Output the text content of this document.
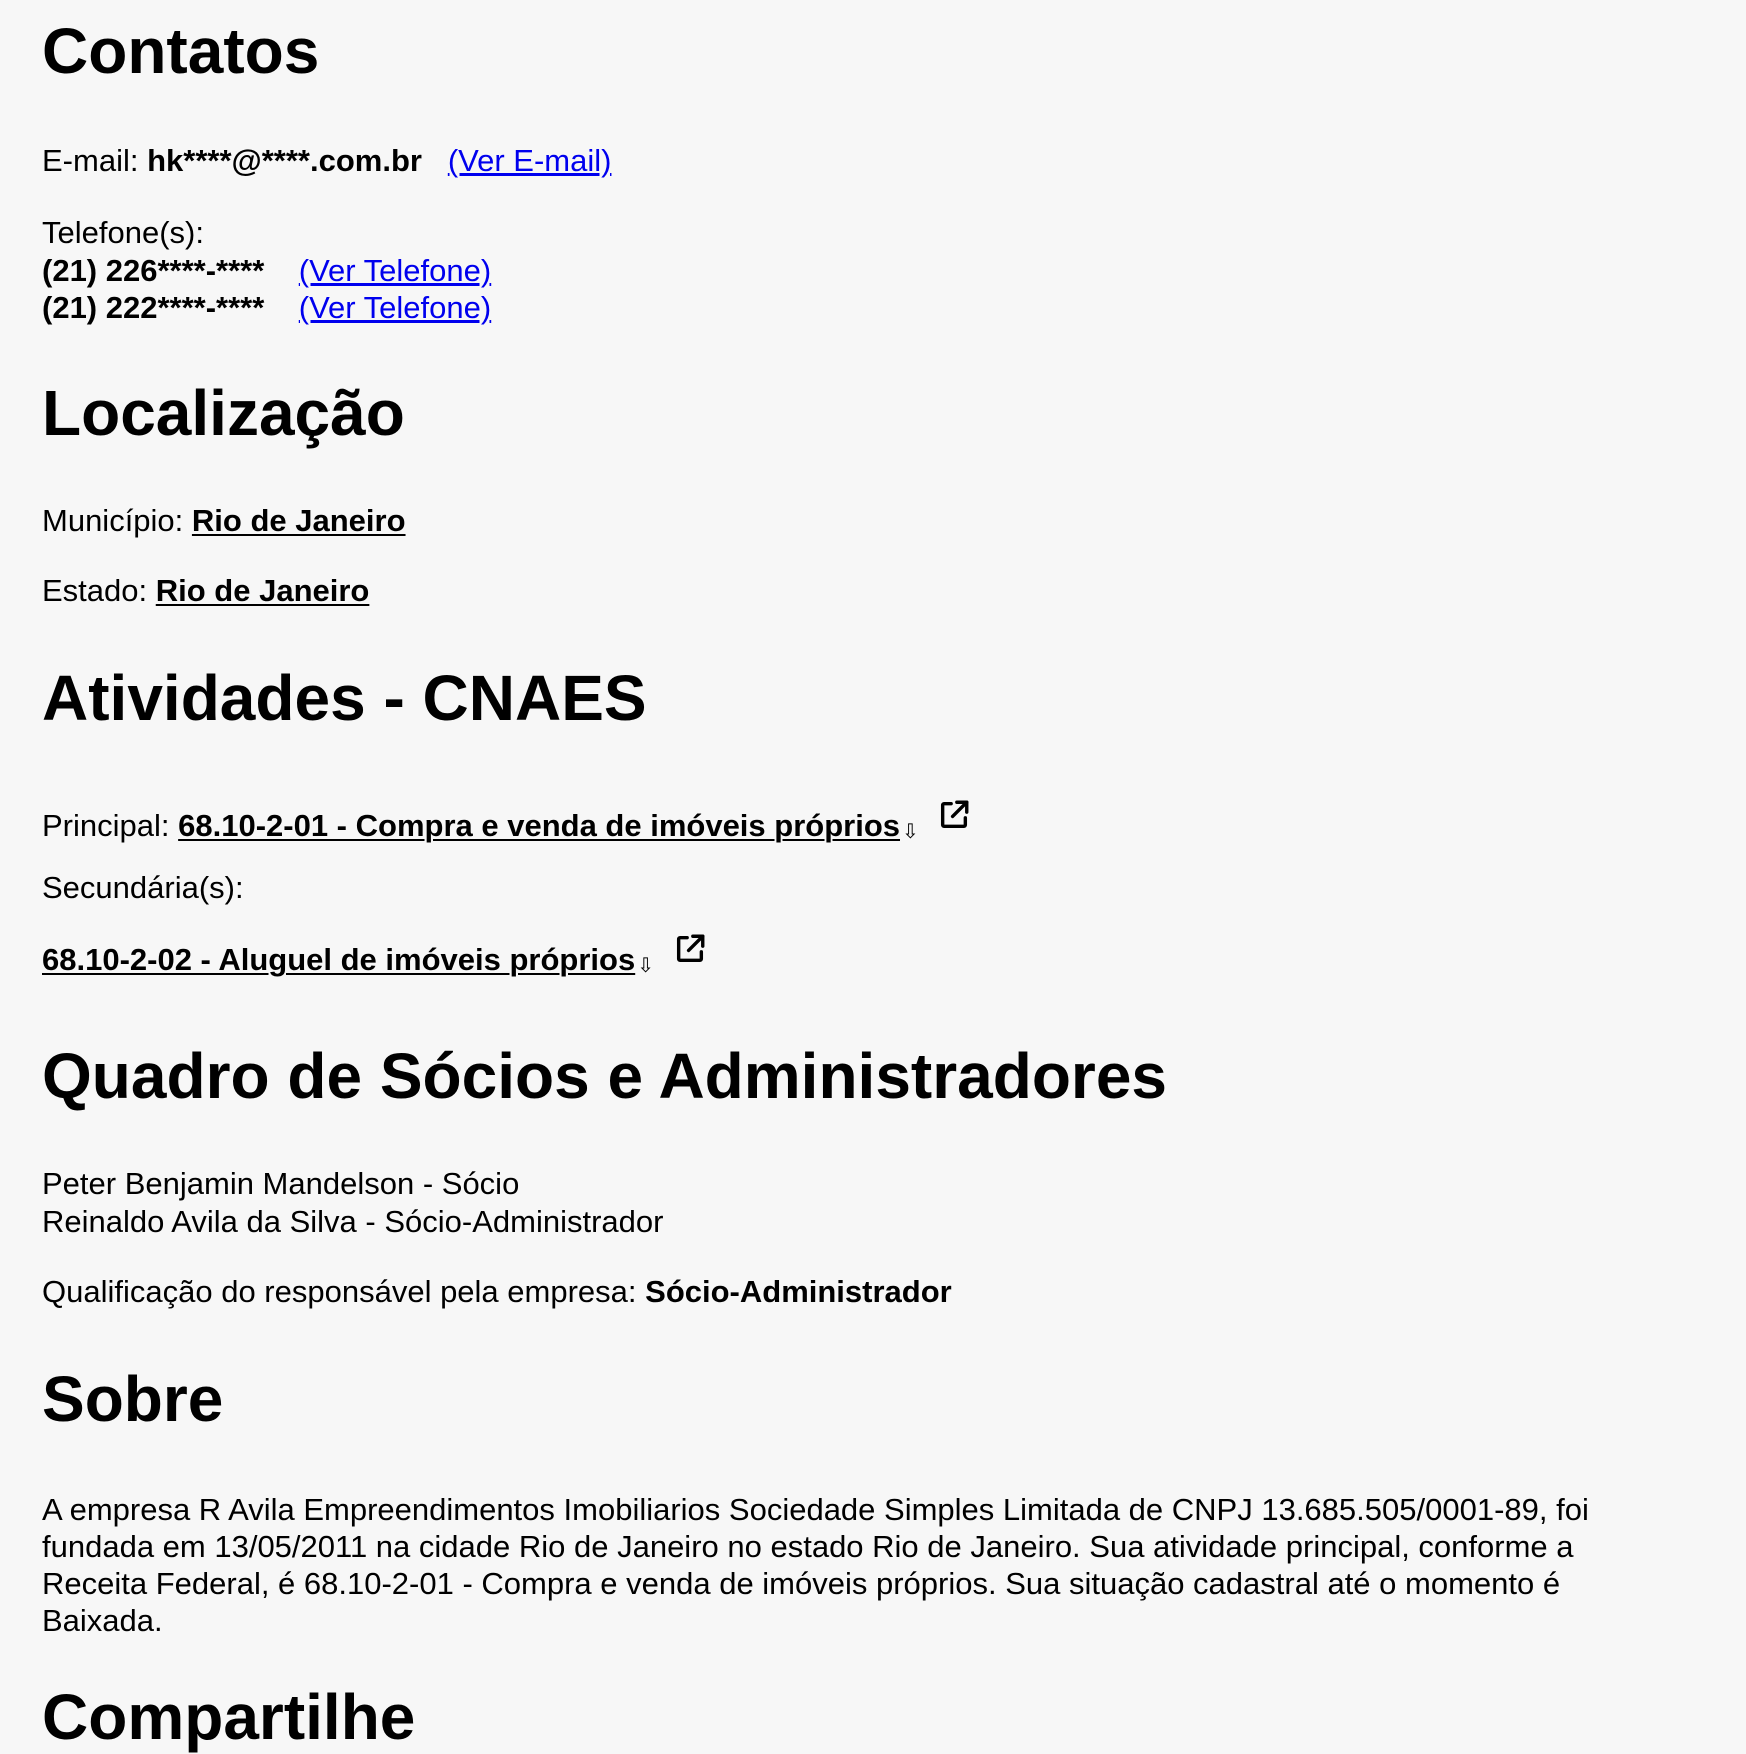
Contatos
E-mail: hk****@****.com.br (Ver E-mail)
Telefone(s):
(21) 226****-**** (Ver Telefone)
(21) 222****-**** (Ver Telefone)
Localização
Município: Rio de Janeiro
Estado: Rio de Janeiro
Atividades - CNAES
Principal: 68.10-2-01 - Compra e venda de imóveis próprios ⇩
Secundária(s):
68.10-2-02 - Aluguel de imóveis próprios ⇩
Quadro de Sócios e Administradores
Peter Benjamin Mandelson - Sócio
Reinaldo Avila da Silva - Sócio-Administrador
Qualificação do responsável pela empresa: Sócio-Administrador
Sobre
A empresa R Avila Empreendimentos Imobiliarios Sociedade Simples Limitada de CNPJ 13.685.505/0001-89, foi fundada em 13/05/2011 na cidade Rio de Janeiro no estado Rio de Janeiro. Sua atividade principal, conforme a Receita Federal, é 68.10-2-01 - Compra e venda de imóveis próprios. Sua situação cadastral até o momento é Baixada.
Compartilhe
